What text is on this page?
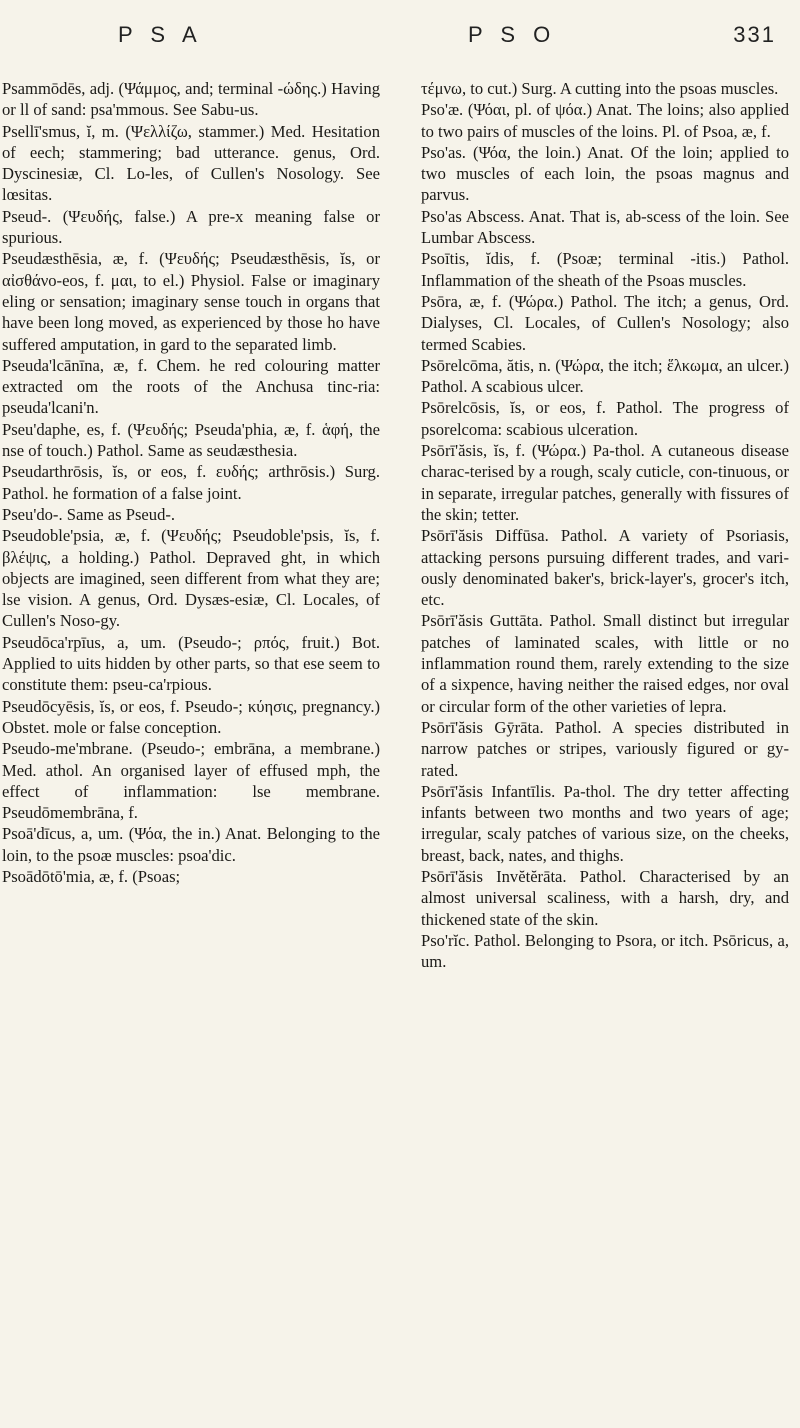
P S A	P S O	331

Psammōdēs, adj. (Ψάμμος, and; terminal -ώδης.) Having or ll of sand: psa'mmous. See Sabu-us.

Psellī'smus, ĭ, m. (Ψελλίζω, stammer.) Med. Hesitation of eech; stammering; bad utterance. genus, Ord. Dyscinesiæ, Cl. Lo-les, of Cullen's Nosology. See lœsitas.

Pseud-. (Ψευδής, false.) A pre-x meaning false or spurious.

Pseudæsthēsia, æ, f. (Ψευδής; Pseudæsthēsis, ĭs, or αἰσθάνο-eos, f. μαι, to el.) Physiol. False or imaginary eling or sensation; imaginary sense touch in organs that have been long moved, as experienced by those ho have suffered amputation, in gard to the separated limb.

Pseuda'lcānīna, æ, f. Chem. he red colouring matter extracted om the roots of the Anchusa tinc-ria: pseuda'lcani'n.

Pseu'daphe, es, f. (Ψευδής; Pseuda'phia, æ, f. ἁφή, the nse of touch.) Pathol. Same as seudæsthesia.

Pseudarthrōsis, ĭs, or eos, f. ευδής; arthrōsis.) Surg. Pathol. he formation of a false joint.

Pseu'do-. Same as Pseud-.

Pseudoble'psia, æ, f. (Ψευδής; Pseudoble'psis, ĭs, f. βλέψις, a holding.) Pathol. Depraved ght, in which objects are imagined, seen different from what they are; lse vision. A genus, Ord. Dysæs-esiæ, Cl. Locales, of Cullen's Noso-gy.

Pseudōca'rpīus, a, um. (Pseudo-; ρπός, fruit.) Bot. Applied to uits hidden by other parts, so that ese seem to constitute them: pseu-ca'rpious.

Pseudōcyēsis, ĭs, or eos, f. Pseudo-; κύησις, pregnancy.) Obstet. mole or false conception.

Pseudo-me'mbrane. (Pseudo-; embrāna, a membrane.) Med. athol. An organised layer of effused mph, the effect of inflammation: lse membrane. Pseudōmembrāna, f.

Psoā'dīcus, a, um. (Ψόα, the in.) Anat. Belonging to the loin, to the psoæ muscles: psoa'dic.

Psoādōtō'mia, æ, f. (Psoas;

τέμνω, to cut.) Surg. A cutting into the psoas muscles.

Pso'æ. (Ψόαι, pl. of ψόα.) Anat. The loins; also applied to two pairs of muscles of the loins. Pl. of Psoa, æ, f.

Pso'as. (Ψόα, the loin.) Anat. Of the loin; applied to two muscles of each loin, the psoas magnus and parvus.

Pso'as Abscess. Anat. That is, ab-scess of the loin. See Lumbar Abscess.

Psoītis, ĭdis, f. (Psoæ; terminal -itis.) Pathol. Inflammation of the sheath of the Psoas muscles.

Psōra, æ, f. (Ψώρα.) Pathol. The itch; a genus, Ord. Dialyses, Cl. Locales, of Cullen's Nosology; also termed Scabies.

Psōrelcōma, ătis, n. (Ψώρα, the itch; ἕλκωμα, an ulcer.) Pathol. A scabious ulcer.

Psōrelcōsis, ĭs, or eos, f. Pathol. The progress of psorelcoma: scabious ulceration.

Psōrī'ăsis, ĭs, f. (Ψώρα.) Pa-thol. A cutaneous disease charac-terised by a rough, scaly cuticle, con-tinuous, or in separate, irregular patches, generally with fissures of the skin; tetter.

Psōrī'ăsis Diffūsa. Pathol. A variety of Psoriasis, attacking persons pursuing different trades, and vari-ously denominated baker's, brick-layer's, grocer's itch, etc.

Psōrī'ăsis Guttāta. Pathol. Small distinct but irregular patches of laminated scales, with little or no inflammation round them, rarely extending to the size of a sixpence, having neither the raised edges, nor oval or circular form of the other varieties of lepra.

Psōrī'ăsis Gȳrāta. Pathol. A species distributed in narrow patches or stripes, variously figured or gy-rated.

Psōrī'ăsis Infantīlis. Pa-thol. The dry tetter affecting infants between two months and two years of age; irregular, scaly patches of various size, on the cheeks, breast, back, nates, and thighs.

Psōrī'ăsis Invĕtĕrāta. Pathol. Characterised by an almost universal scaliness, with a harsh, dry, and thickened state of the skin.

Pso'rĭc. Pathol. Belonging to Psora, or itch. Psōricus, a, um.
